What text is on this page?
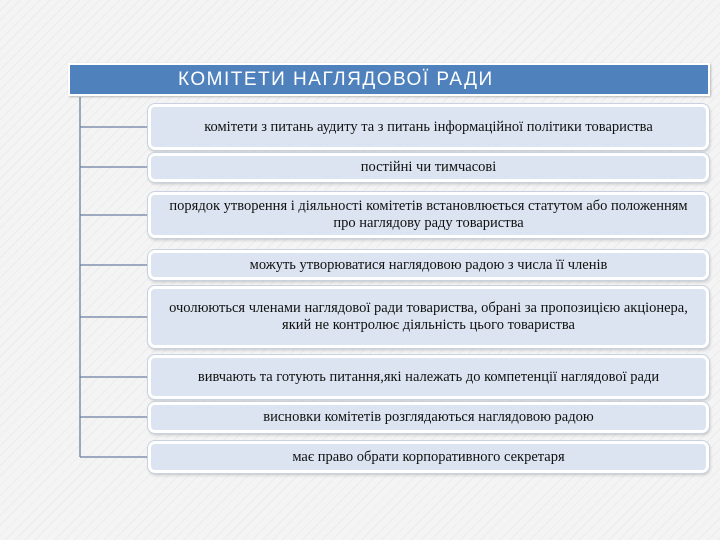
КОМІТЕТИ НАГЛЯДОВОЇ РАДИ
комітети з питань аудиту та з питань інформаційної політики товариства
постійні чи тимчасові
порядок утворення і діяльності комітетів встановлюється статутом або положенням про наглядову раду товариства
можуть утворюватися наглядовою радою з числа її членів
очолюються членами наглядової ради товариства, обрані за пропозицією акціонера, який не контролює діяльність цього товариства
вивчають та готують питання,які належать до компетенції наглядової ради
висновки комітетів розглядаються наглядовою радою
має право обрати корпоративного секретаря
